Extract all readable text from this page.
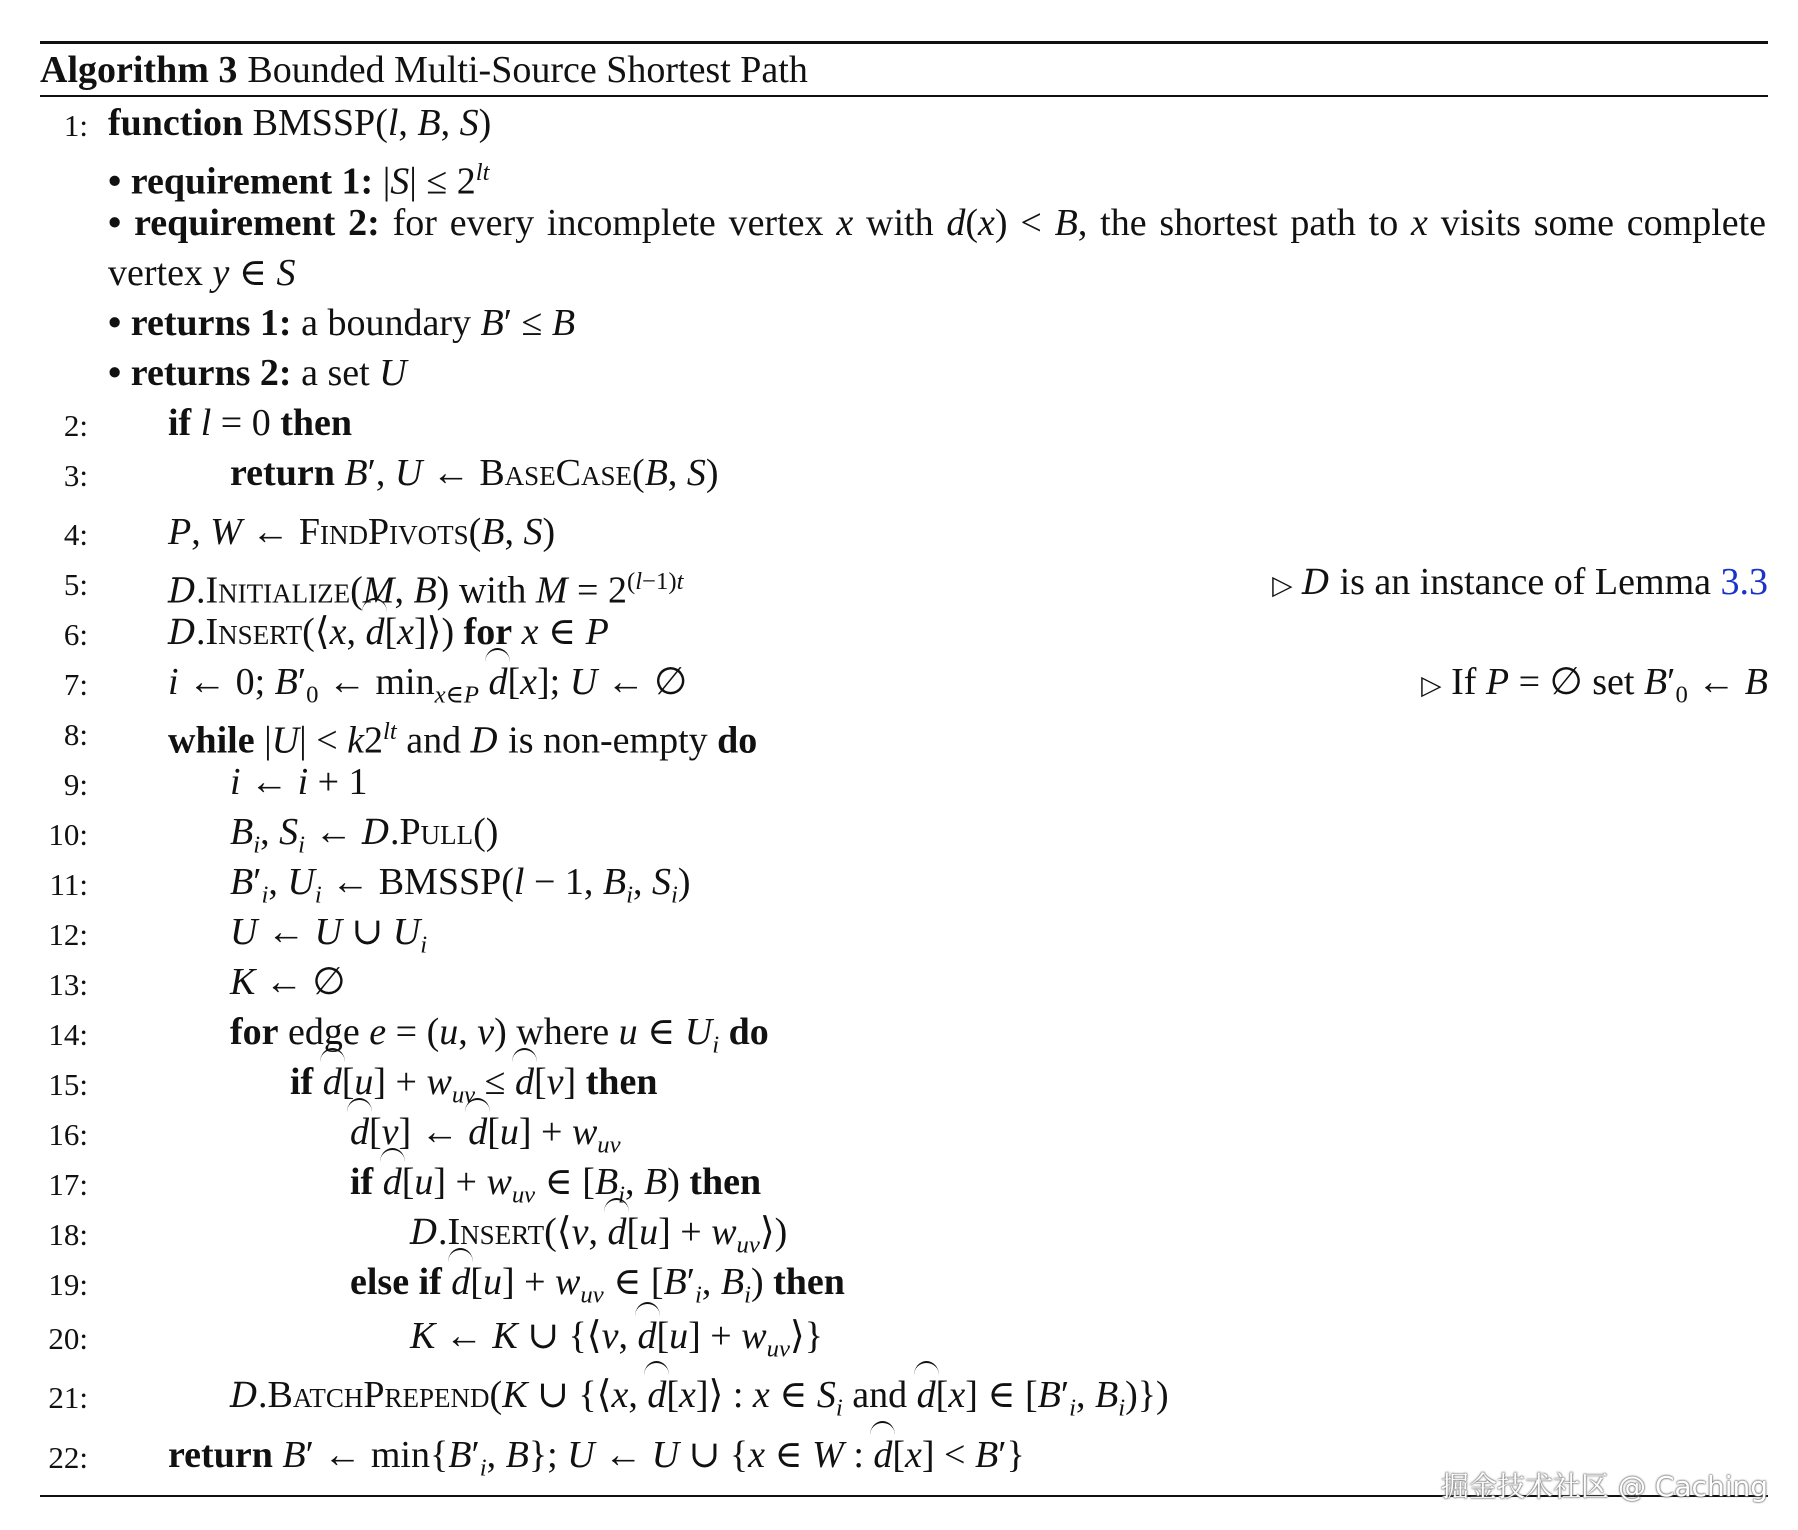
Algorithm 3 Bounded Multi-Source Shortest Path
1: function BMSSP(l, B, S)
• requirement 1: $|S| \le 2^{lt}$
• requirement 2: for every incomplete vertex x with d(x) < B, the shortest path to x visits some complete vertex y ∈ S
• returns 1: a boundary B′ ≤ B
• returns 2: a set U
2: if l = 0 then
3:	return B′, U ← BaseCase(B, S)
4: P, W ← FindPivots(B, S)
5: D.Initialize(M, B) with $M = 2^{(l-1)t}$	▷ D is an instance of Lemma 3.3
6: D.Insert(⟨x, d[x]⟩) for x ∈ P
7: i ← 0; $B'_0$ ← $\min_{x\in P} d[x]$; U ← ∅	▷ If P = ∅ set $B'_0$ ← B
8: while $|U| < k2^{lt}$ and D is non-empty do
9:	i ← i + 1
10:	$B_i$, $S_i$ ← D.Pull()
11:	$B'_i$, $U_i$ ← BMSSP(l − 1, $B_i$, $S_i$)
12:	U ← U ∪ $U_i$
13:	K ← ∅
14:	for edge e = (u, v) where u ∈ $U_i$ do
15:	if $d[u] + w_{uv} \le d[v]$ then
16:	d[v] ← $d[u] + w_{uv}$
17:	if $d[u] + w_{uv}$ ∈ [$B_i$, B) then
18:	D.Insert(⟨v, $d[u] + w_{uv}⟩$)
19:	else if $d[u] + w_{uv}$ ∈ [$B'_i$, $B_i$) then
20:	K ← K ∪ {⟨v, $d[u] + w_{uv}⟩$}
21:	D.BatchPrepend(K ∪ {⟨x, d[x]⟩ : x ∈ $S_i$ and d[x] ∈ [$B'_i$, $B_i$)})
22: return B′ ← $\min\{B'_i$, B}; U ← U ∪ {x ∈ W : d[x] < B′}
掘金技术社区 @ Caching
